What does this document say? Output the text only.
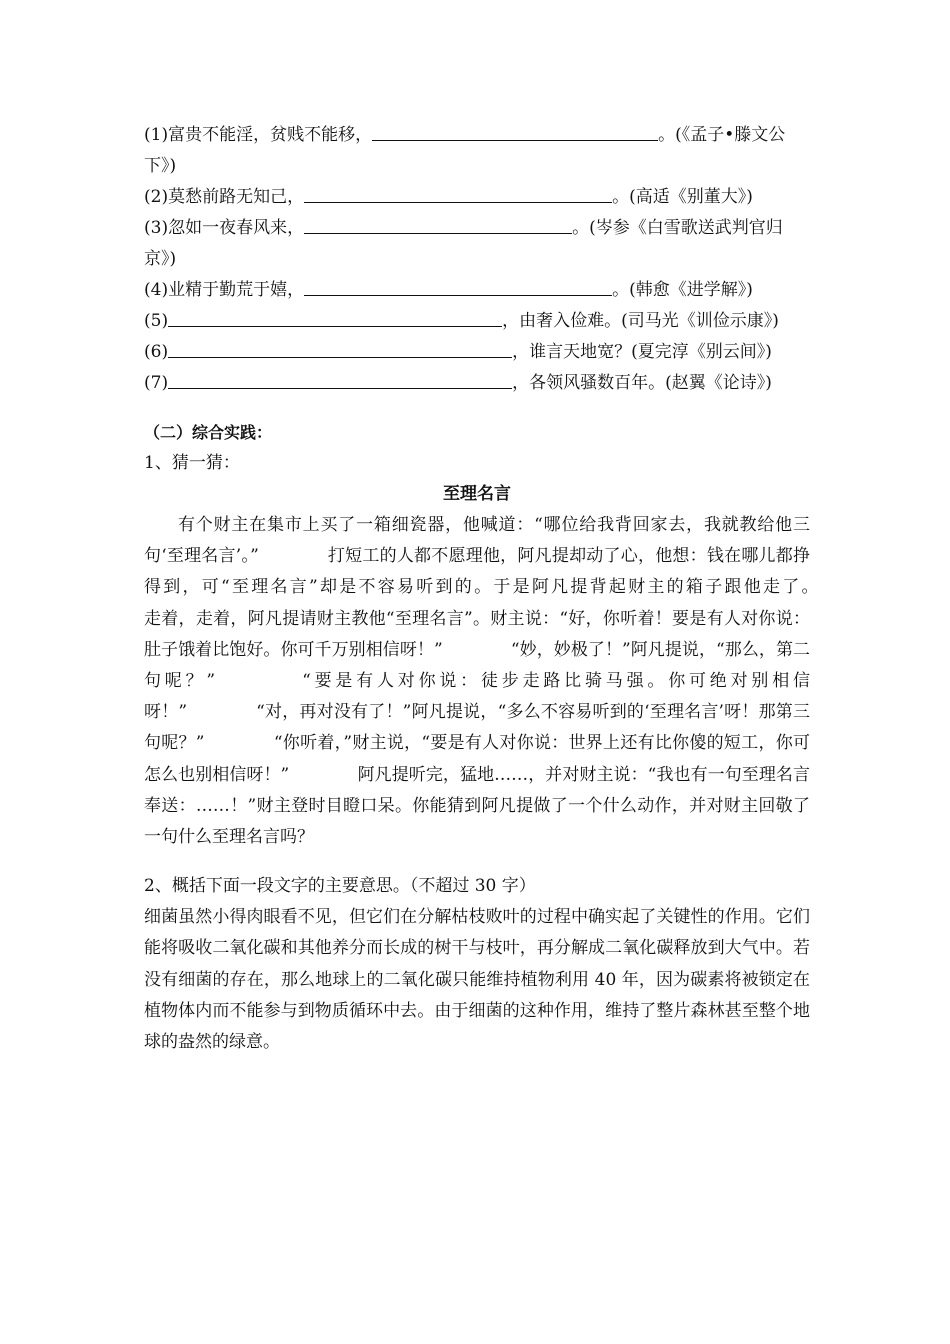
(1)富贵不能淫，贫贱不能移，	。(《孟子•滕文公
下》)
(2)莫愁前路无知己，	。(高适《别董大》)
(3)忽如一夜春风来，	。(岑参《白雪歌送武判官归
京》)
(4)业精于勤荒于嬉，	。(韩愈《进学解》)
(5)	，由奢入俭难。(司马光《训俭示康》)
(6)	，谁言天地宽？(夏完淳《别云间》)
(7)	，各领风骚数百年。(赵翼《论诗》)
（二）综合实践：
1、猜一猜：
至理名言
有个财主在集市上买了一箱细瓷器，他喊道：“哪位给我背回家去，我就教给他三句‘至理名言’。”　　　　打短工的人都不愿理他，阿凡提却动了心，他想：钱在哪儿都挣得到，可“至理名言”却是不容易听到的。于是阿凡提背起财主的箱子跟他走了。　　　　走着，走着，阿凡提请财主教他“至理名言”。财主说：“好，你听着！要是有人对你说：肚子饿着比饱好。你可千万别相信呀！”　　　　“妙，妙极了！”阿凡提说，“那么，第二句呢？”　　　　“要是有人对你说：徒步走路比骑马强。你可绝对别相信呀！”　　　　“对，再对没有了！”阿凡提说，“多么不容易听到的‘至理名言’呀！那第三句呢？”　　　　“你听着，”财主说，“要是有人对你说：世界上还有比你傻的短工，你可怎么也别相信呀！”　　　　阿凡提听完，猛地……，并对财主说：“我也有一句至理名言奉送：……！”财主登时目瞪口呆。你能猜到阿凡提做了一个什么动作，并对财主回敬了一句什么至理名言吗？
2、概括下面一段文字的主要意思。（不超过 30 字）
细菌虽然小得肉眼看不见，但它们在分解枯枝败叶的过程中确实起了关键性的作用。它们能将吸收二氧化碳和其他养分而长成的树干与枝叶，再分解成二氧化碳释放到大气中。若没有细菌的存在，那么地球上的二氧化碳只能维持植物利用 40 年，因为碳素将被锁定在植物体内而不能参与到物质循环中去。由于细菌的这种作用，维持了整片森林甚至整个地球的盎然的绿意。
